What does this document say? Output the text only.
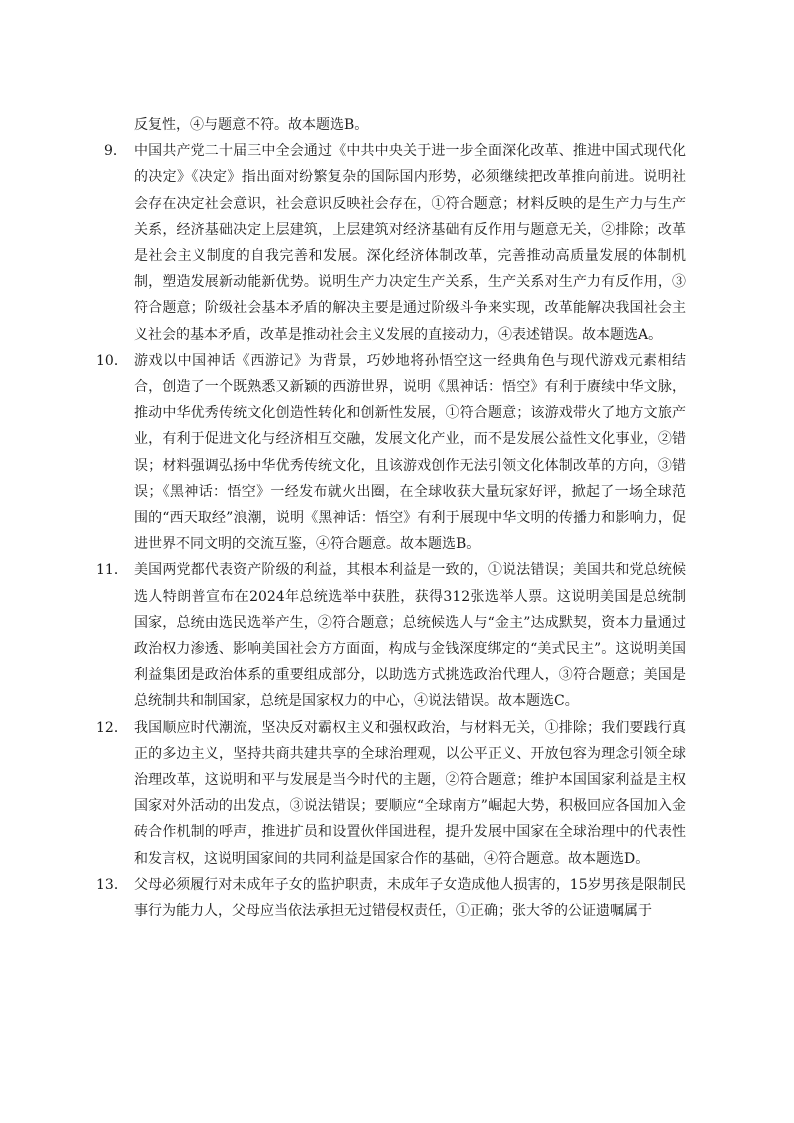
反复性，④与题意不符。故本题选B。
9． 中国共产党二十届三中全会通过《中共中央关于进一步全面深化改革、推进中国式现代化的决定》《决定》指出面对纷繁复杂的国际国内形势，必须继续把改革推向前进。说明社会存在决定社会意识，社会意识反映社会存在，①符合题意；材料反映的是生产力与生产关系，经济基础决定上层建筑，上层建筑对经济基础有反作用与题意无关，②排除；改革是社会主义制度的自我完善和发展。深化经济体制改革，完善推动高质量发展的体制机制，塑造发展新动能新优势。说明生产力决定生产关系，生产关系对生产力有反作用，③符合题意；阶级社会基本矛盾的解决主要是通过阶级斗争来实现，改革能解决我国社会主义社会的基本矛盾，改革是推动社会主义发展的直接动力，④表述错误。故本题选A。
10． 游戏以中国神话《西游记》为背景，巧妙地将孙悟空这一经典角色与现代游戏元素相结合，创造了一个既熟悉又新颖的西游世界，说明《黑神话：悟空》有利于赓续中华文脉，推动中华优秀传统文化创造性转化和创新性发展，①符合题意；该游戏带火了地方文旅产业，有利于促进文化与经济相互交融，发展文化产业，而不是发展公益性文化事业，②错误；材料强调弘扬中华优秀传统文化，且该游戏创作无法引领文化体制改革的方向，③错误；《黑神话：悟空》一经发布就火出圈，在全球收获大量玩家好评，掀起了一场全球范围的“西天取经”浪潮，说明《黑神话：悟空》有利于展现中华文明的传播力和影响力，促进世界不同文明的交流互鉴，④符合题意。故本题选B。
11． 美国两党都代表资产阶级的利益，其根本利益是一致的，①说法错误；美国共和党总统候选人特朗普宣布在2024年总统选举中获胜，获得312张选举人票。这说明美国是总统制国家，总统由选民选举产生，②符合题意；总统候选人与“金主”达成默契，资本力量通过政治权力渗透、影响美国社会方方面面，构成与金钱深度绑定的“美式民主”。这说明美国利益集团是政治体系的重要组成部分，以助选方式挑选政治代理人，③符合题意；美国是总统制共和制国家，总统是国家权力的中心，④说法错误。故本题选C。
12． 我国顺应时代潮流，坚决反对霸权主义和强权政治，与材料无关，①排除；我们要践行真正的多边主义，坚持共商共建共享的全球治理观，以公平正义、开放包容为理念引领全球治理改革，这说明和平与发展是当今时代的主题，②符合题意；维护本国国家利益是主权国家对外活动的出发点，③说法错误；要顺应“全球南方”崛起大势，积极回应各国加入金砖合作机制的呼声，推进扩员和设置伙伴国进程，提升发展中国家在全球治理中的代表性和发言权，这说明国家间的共同利益是国家合作的基础，④符合题意。故本题选D。
13． 父母必须履行对未成年子女的监护职责，未成年子女造成他人损害的，15岁男孩是限制民事行为能力人，父母应当依法承担无过错侵权责任，①正确；张大爷的公证遗嘱属于
